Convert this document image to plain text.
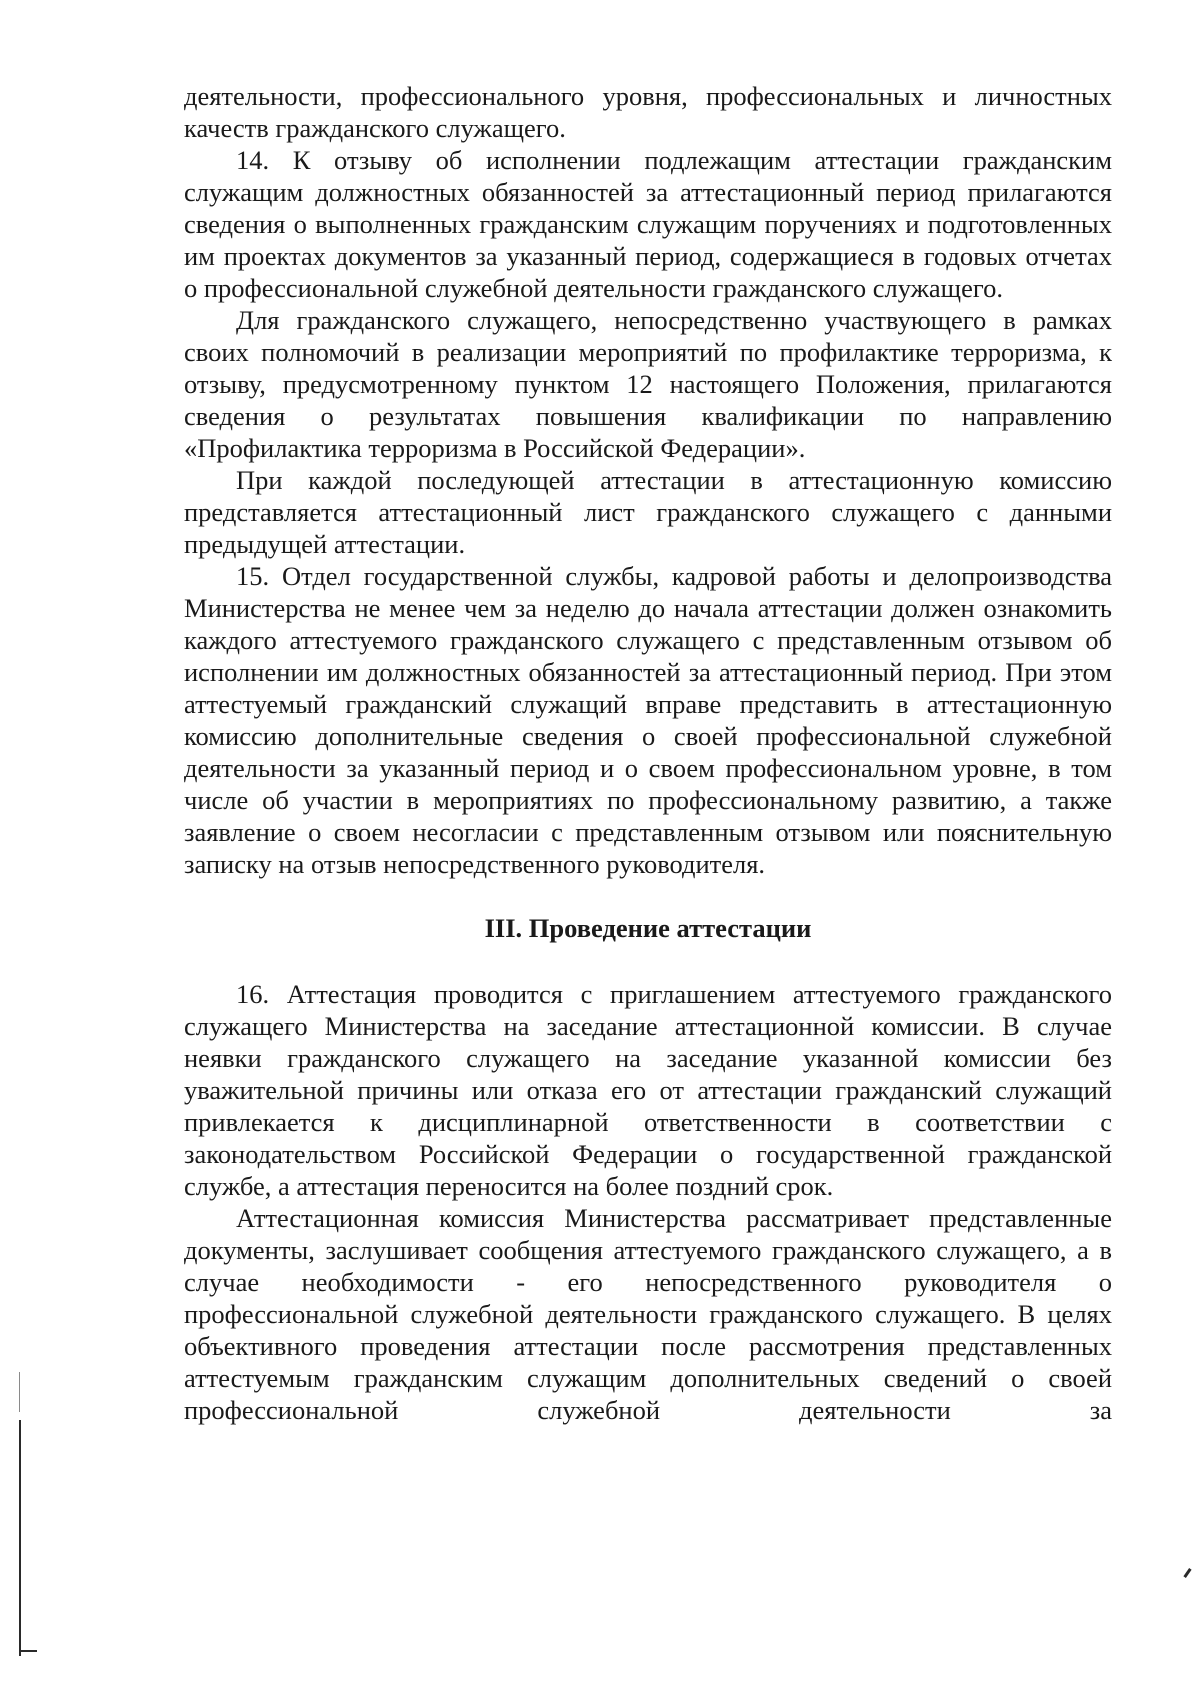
деятельности, профессионального уровня, профессиональных и личностных качеств гражданского служащего.

14. К отзыву об исполнении подлежащим аттестации гражданским служащим должностных обязанностей за аттестационный период прилагаются сведения о выполненных гражданским служащим поручениях и подготовленных им проектах документов за указанный период, содержащиеся в годовых отчетах о профессиональной служебной деятельности гражданского служащего.

Для гражданского служащего, непосредственно участвующего в рамках своих полномочий в реализации мероприятий по профилактике терроризма, к отзыву, предусмотренному пунктом 12 настоящего Положения, прилагаются сведения о результатах повышения квалификации по направлению «Профилактика терроризма в Российской Федерации».

При каждой последующей аттестации в аттестационную комиссию представляется аттестационный лист гражданского служащего с данными предыдущей аттестации.

15. Отдел государственной службы, кадровой работы и делопроизводства Министерства не менее чем за неделю до начала аттестации должен ознакомить каждого аттестуемого гражданского служащего с представленным отзывом об исполнении им должностных обязанностей за аттестационный период. При этом аттестуемый гражданский служащий вправе представить в аттестационную комиссию дополнительные сведения о своей профессиональной служебной деятельности за указанный период и о своем профессиональном уровне, в том числе об участии в мероприятиях по профессиональному развитию, а также заявление о своем несогласии с представленным отзывом или пояснительную записку на отзыв непосредственного руководителя.

III. Проведение аттестации

16. Аттестация проводится с приглашением аттестуемого гражданского служащего Министерства на заседание аттестационной комиссии. В случае неявки гражданского служащего на заседание указанной комиссии без уважительной причины или отказа его от аттестации гражданский служащий привлекается к дисциплинарной ответственности в соответствии с законодательством Российской Федерации о государственной гражданской службе, а аттестация переносится на более поздний срок.

Аттестационная комиссия Министерства рассматривает представленные документы, заслушивает сообщения аттестуемого гражданского служащего, а в случае необходимости - его непосредственного руководителя о профессиональной служебной деятельности гражданского служащего. В целях объективного проведения аттестации после рассмотрения представленных аттестуемым гражданским служащим дополнительных сведений о своей профессиональной служебной деятельности за
